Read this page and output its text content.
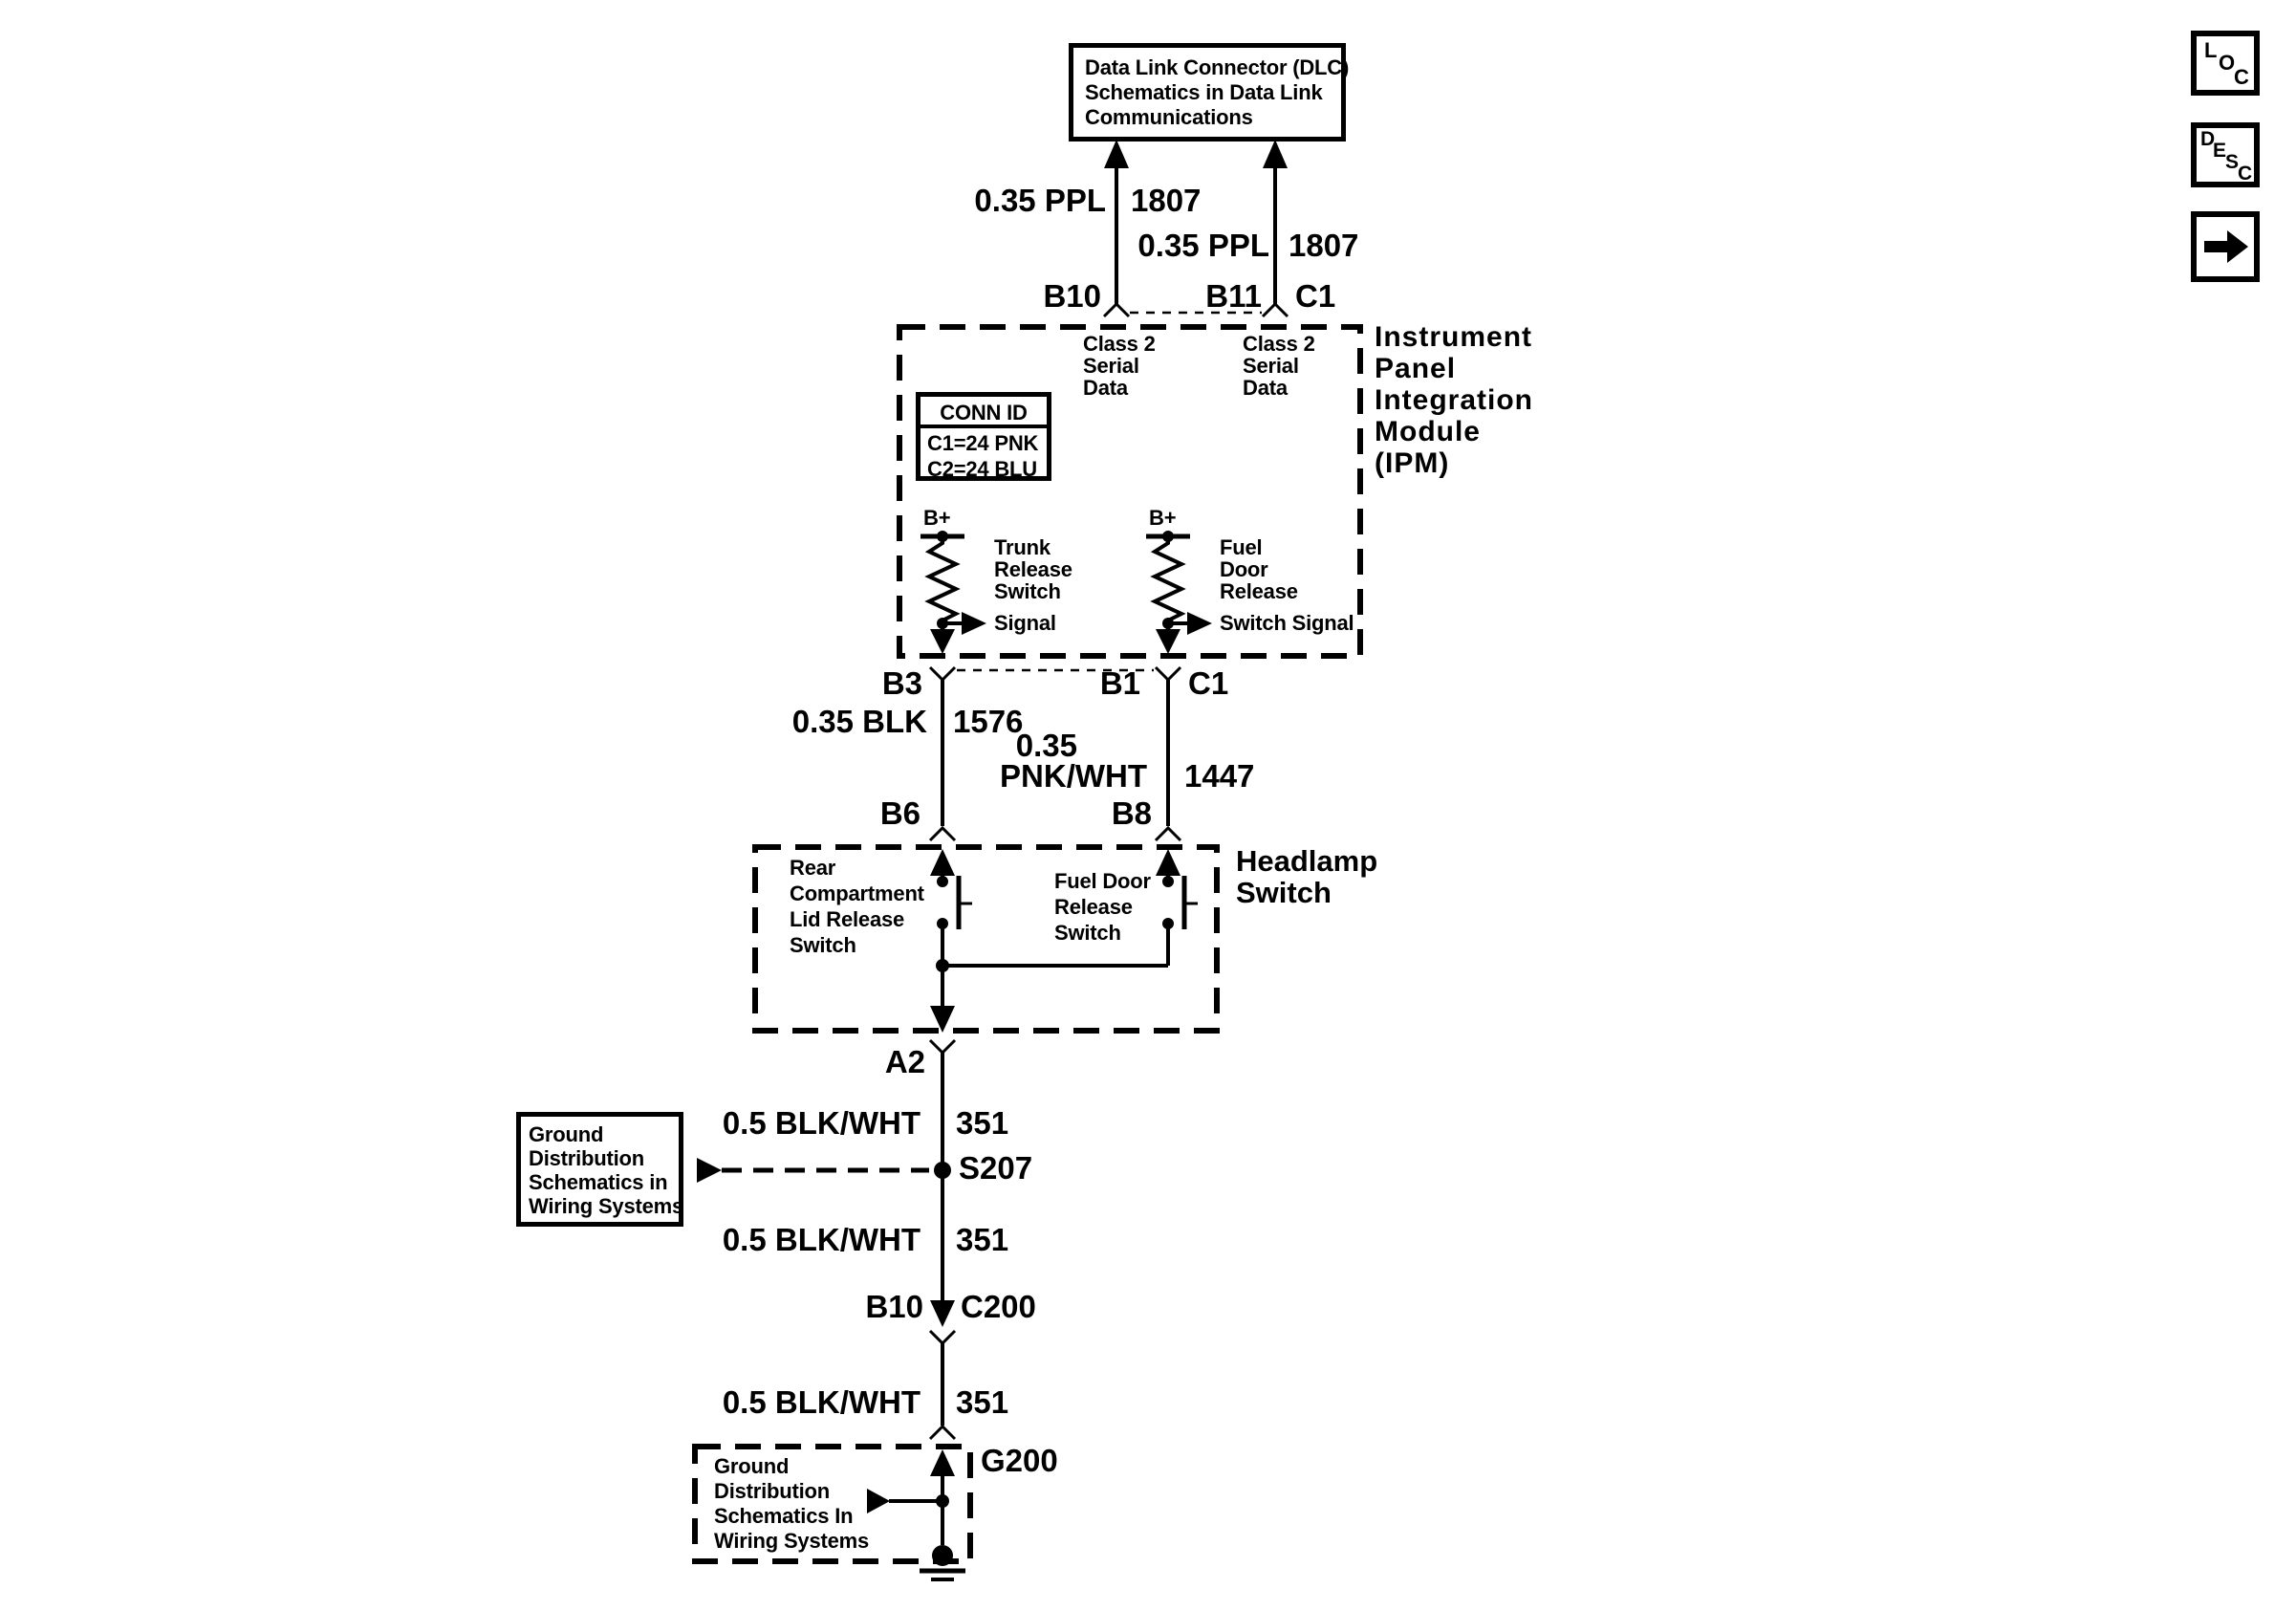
Data Link Connector (DLC)
Schematics in Data Link
Communications
CONN ID
C1=24 PNK
C2=24 BLU
Ground
Distribution
Schematics in
Wiring Systems
Ground
Distribution
Schematics In
Wiring Systems
0.35 PPL 1807
0.35 PPL 1807
B10	B11 C1
Instrument
Panel
Integration
Module
(IPM)
Class 2
Serial
Data
Class 2
Serial
Data
B+	B+
Trunk
Release
Switch
Signal
Fuel
Door
Release
Switch Signal
B3	B1 C1
0.35 BLK 1576
0.35
PNK/WHT 1447
B6	B8
Headlamp
Switch
Rear
Compartment
Lid Release
Switch
Fuel Door
Release
Switch
A2
0.5 BLK/WHT 351
S207
0.5 BLK/WHT 351
B10 C200
0.5 BLK/WHT 351
G200
L
O
C
D
E
S
C
